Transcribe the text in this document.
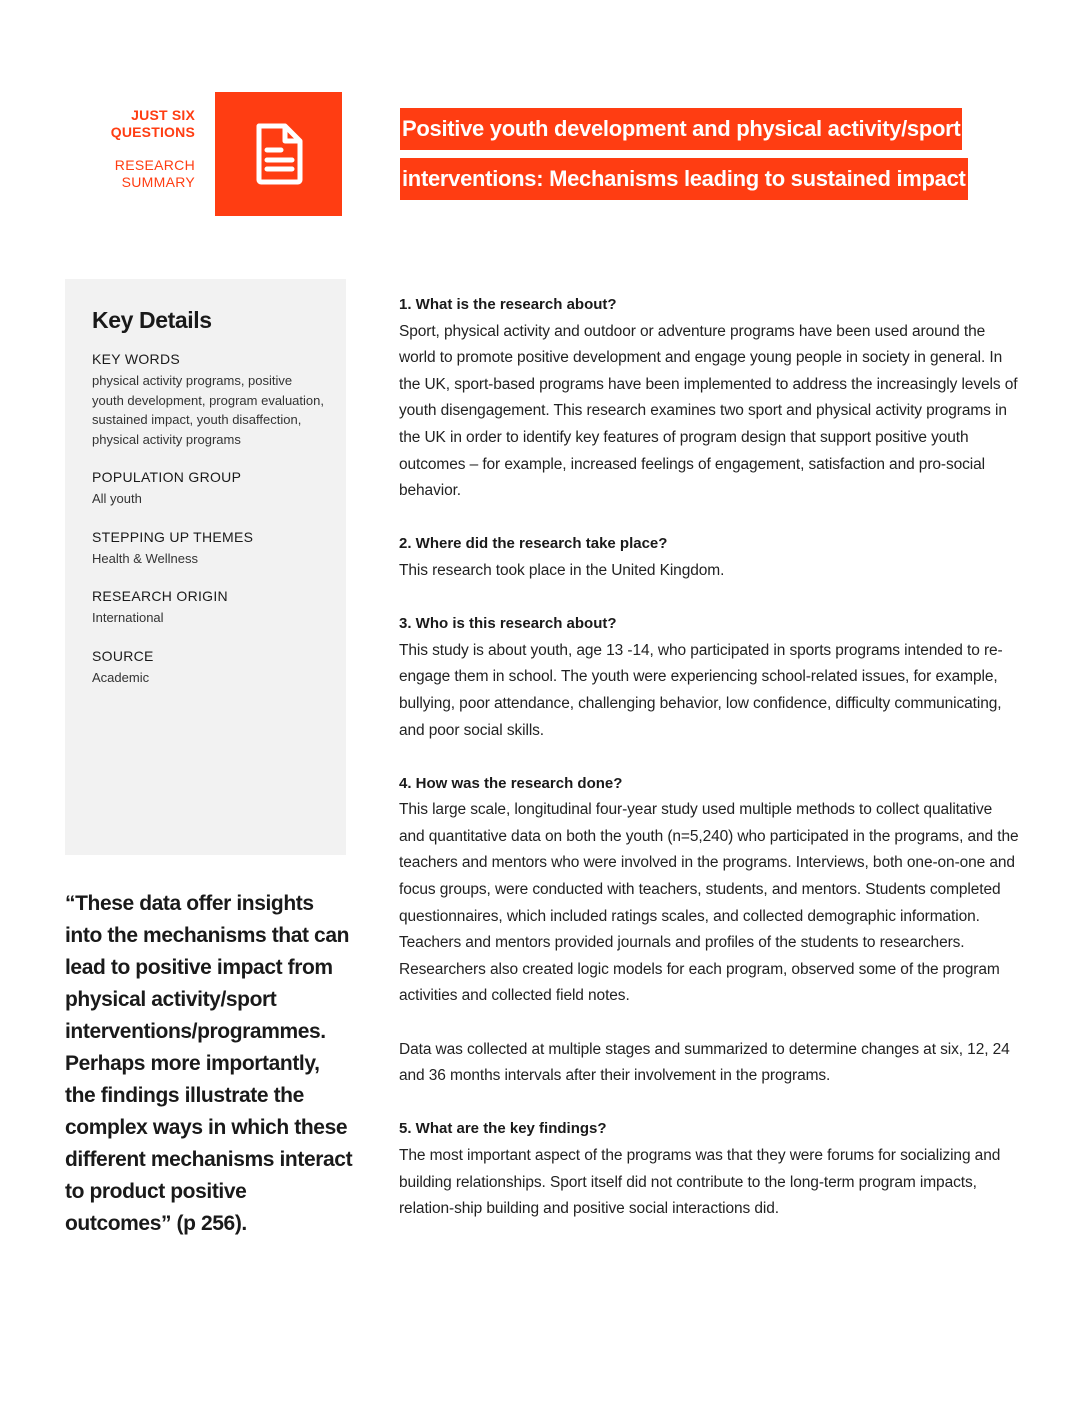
JUST SIX
QUESTIONS
RESEARCH
SUMMARY
Positive youth development and physical activity/sport
interventions: Mechanisms leading to sustained impact
Key Details
KEY WORDS
physical activity programs, positive youth development, program evaluation, sustained impact, youth disaffection, physical activity programs
POPULATION GROUP
All youth
STEPPING UP THEMES
Health & Wellness
RESEARCH ORIGIN
International
SOURCE
Academic
“These data offer insights into the mechanisms that can lead to positive impact from physical activity/sport interventions/programmes. Perhaps more importantly, the findings illustrate the complex ways in which these different mechanisms interact to product positive outcomes” (p 256).
1. What is the research about?

Sport, physical activity and outdoor or adventure programs have been used around the world to promote positive development and engage young people in society in general. In the UK, sport-based programs have been implemented to address the increasingly levels of youth disengagement. This research examines two sport and physical activity programs in the UK in order to identify key features of program design that support positive youth outcomes – for example, increased feelings of engagement, satisfaction and pro-social behavior.

2. Where did the research take place?

This research took place in the United Kingdom.

3. Who is this research about?

This study is about youth, age 13 -14, who participated in sports programs intended to re-engage them in school. The youth were experiencing school-related issues, for example, bullying, poor attendance, challenging behavior, low confidence, difficulty communicating, and poor social skills.

4. How was the research done?

This large scale, longitudinal four-year study used multiple methods to collect qualitative and quantitative data on both the youth (n=5,240) who participated in the programs, and the teachers and mentors who were involved in the programs. Interviews, both one-on-one and focus groups, were conducted with teachers, students, and mentors. Students completed questionnaires, which included ratings scales, and collected demographic information. Teachers and mentors provided journals and profiles of the students to researchers. Researchers also created logic models for each program, observed some of the program activities and collected field notes.

Data was collected at multiple stages and summarized to determine changes at six, 12, 24 and 36 months intervals after their involvement in the programs.

5. What are the key findings?

The most important aspect of the programs was that they were forums for socializing and building relationships. Sport itself did not contribute to the long-term program impacts, relation-ship building and positive social interactions did.
